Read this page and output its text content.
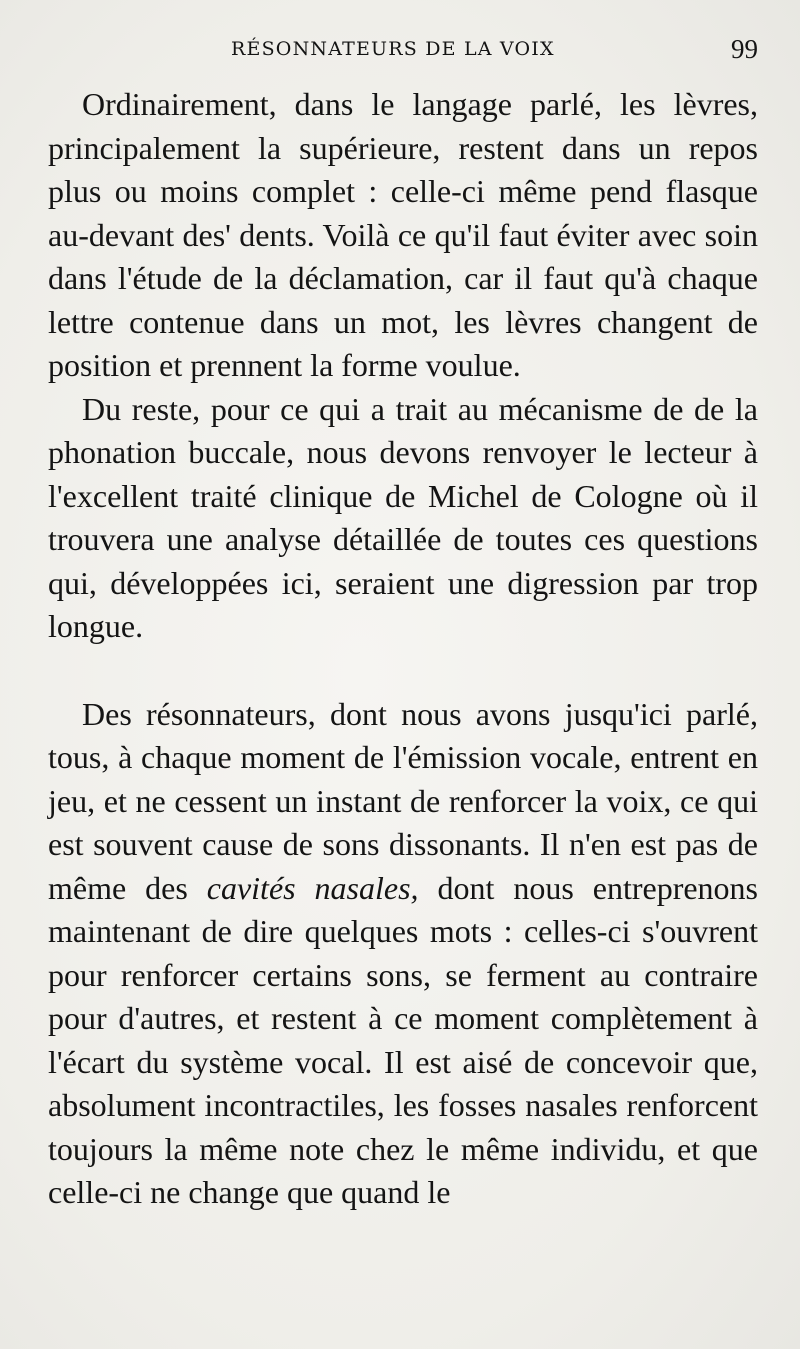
RÉSONNATEURS DE LA VOIX	99

Ordinairement, dans le langage parlé, les lèvres, principalement la supérieure, restent dans un repos plus ou moins complet : celle-ci même pend flasque au-devant des' dents. Voilà ce qu'il faut éviter avec soin dans l'étude de la déclamation, car il faut qu'à chaque lettre contenue dans un mot, les lèvres changent de position et prennent la forme voulue.

Du reste, pour ce qui a trait au mécanisme de de la phonation buccale, nous devons renvoyer le lecteur à l'excellent traité clinique de Michel de Cologne où il trouvera une analyse détaillée de toutes ces questions qui, développées ici, seraient une digression par trop longue.

Des résonnateurs, dont nous avons jusqu'ici parlé, tous, à chaque moment de l'émission vocale, entrent en jeu, et ne cessent un instant de renforcer la voix, ce qui est souvent cause de sons dissonants. Il n'en est pas de même des cavités nasales, dont nous entreprenons maintenant de dire quelques mots : celles-ci s'ouvrent pour renforcer certains sons, se ferment au contraire pour d'autres, et restent à ce moment complètement à l'écart du système vocal. Il est aisé de concevoir que, absolument incontractiles, les fosses nasales renforcent toujours la même note chez le même individu, et que celle-ci ne change que quand le
